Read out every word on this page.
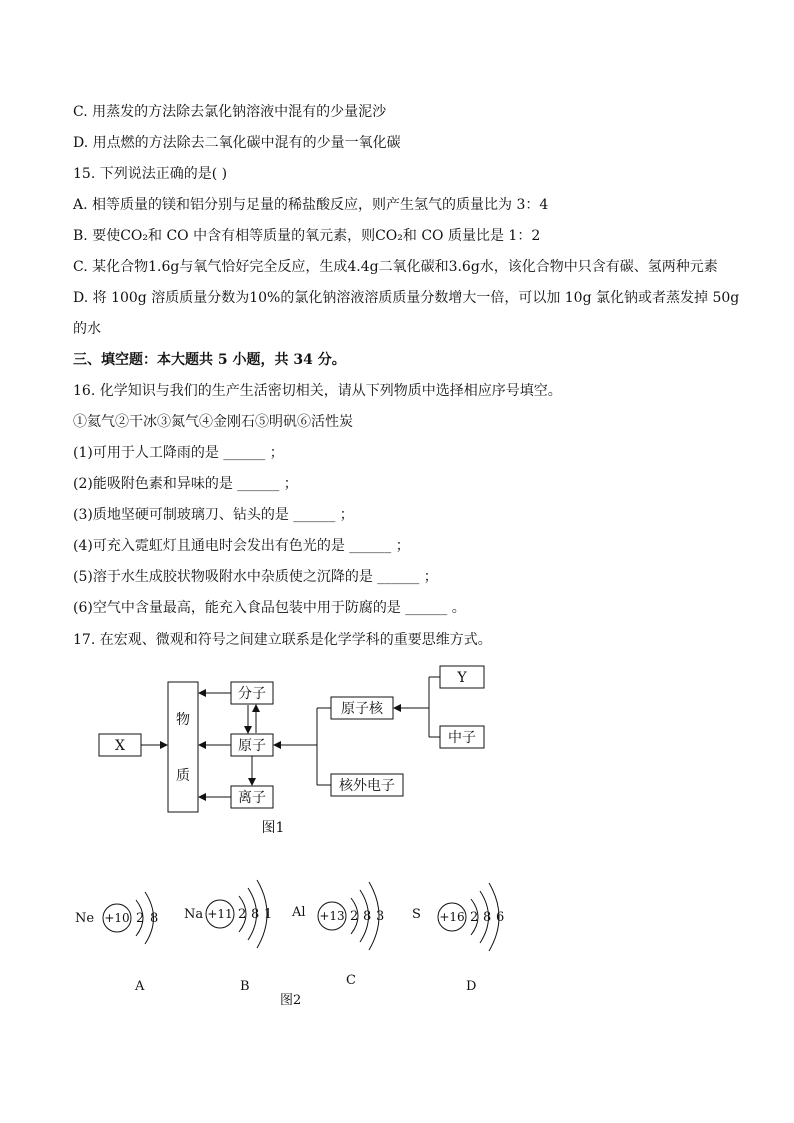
C. 用蒸发的方法除去氯化钠溶液中混有的少量泥沙
D. 用点燃的方法除去二氧化碳中混有的少量一氧化碳
15. 下列说法正确的是( )
A. 相等质量的镁和铝分别与足量的稀盐酸反应，则产生氢气的质量比为 3：4
B. 要使CO₂和 CO 中含有相等质量的氧元素，则CO₂和 CO 质量比是 1：2
C. 某化合物1.6g与氧气恰好完全反应，生成4.4g二氧化碳和3.6g水，该化合物中只含有碳、氢两种元素
D. 将 100g 溶质质量分数为10%的氯化钠溶液溶质质量分数增大一倍，可以加 10g 氯化钠或者蒸发掉 50g
的水
三、填空题：本大题共 5 小题，共 34 分。
16. 化学知识与我们的生产生活密切相关，请从下列物质中选择相应序号填空。
①氦气②干冰③氮气④金刚石⑤明矾⑥活性炭
(1)可用于人工降雨的是 ______ ；
(2)能吸附色素和异味的是 ______ ；
(3)质地坚硬可制玻璃刀、钻头的是 ______ ；
(4)可充入霓虹灯且通电时会发出有色光的是 ______ ；
(5)溶于水生成胶状物吸附水中杂质使之沉降的是 ______ ；
(6)空气中含量最高，能充入食品包装中用于防腐的是 ______ 。
17. 在宏观、微观和符号之间建立联系是化学学科的重要思维方式。
X
物
质
分子
原子
离子
原子核
核外电子
Y
中子
图1
Ne +10 2 8
A
Na +11 2 8 1
B
Al +13 2 8 3
C
S +16 2 8 6
D
图2
